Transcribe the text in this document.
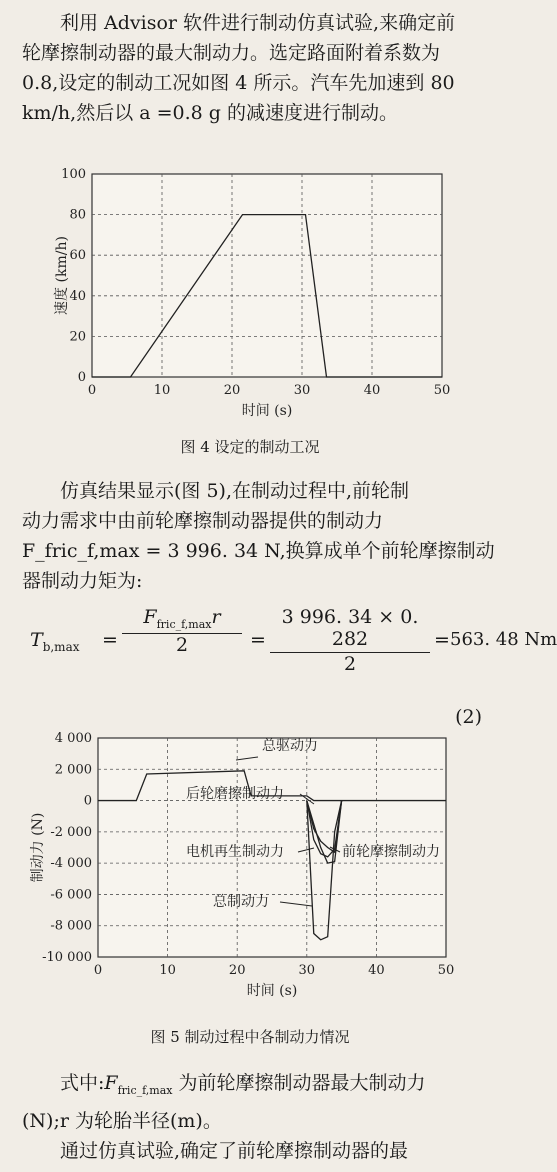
利用 Advisor 软件进行制动仿真试验,来确定前
轮摩擦制动器的最大制动力。选定路面附着系数为
0.8,设定的制动工况如图 4 所示。汽车先加速到 80
km/h,然后以 a =0.8 g 的减速度进行制动。
0	10	20	30	40	50
0
20
40
60
80
100
时间 (s)
速度 (km/h)
图 4 设定的制动工况
仿真结果显示(图 5),在制动过程中,前轮制
动力需求中由前轮摩擦制动器提供的制动力
F_fric_f,max = 3 996. 34 N,换算成单个前轮摩擦制动
器制动力矩为:
$T_{b,max}$ =
$F_{fric\_f,max}r$
2	=
3 996. 34 × 0. 282
2
= 563. 48 Nm
(2)
0	10	20	30	40	50
4 000
2 000
0
-2 000
-4 000
-6 000
-8 000
-10 000
时间 (s)
制动力 (N)
总驱动力
后轮磨擦制动力
电机再生制动力	前轮摩擦制动力
总制动力
图 5 制动过程中各制动力情况
式中$:F_{fric\_f,max}$ 为前轮摩擦制动器最大制动力
(N);r 为轮胎半径(m)。
通过仿真试验,确定了前轮摩擦制动器的最
